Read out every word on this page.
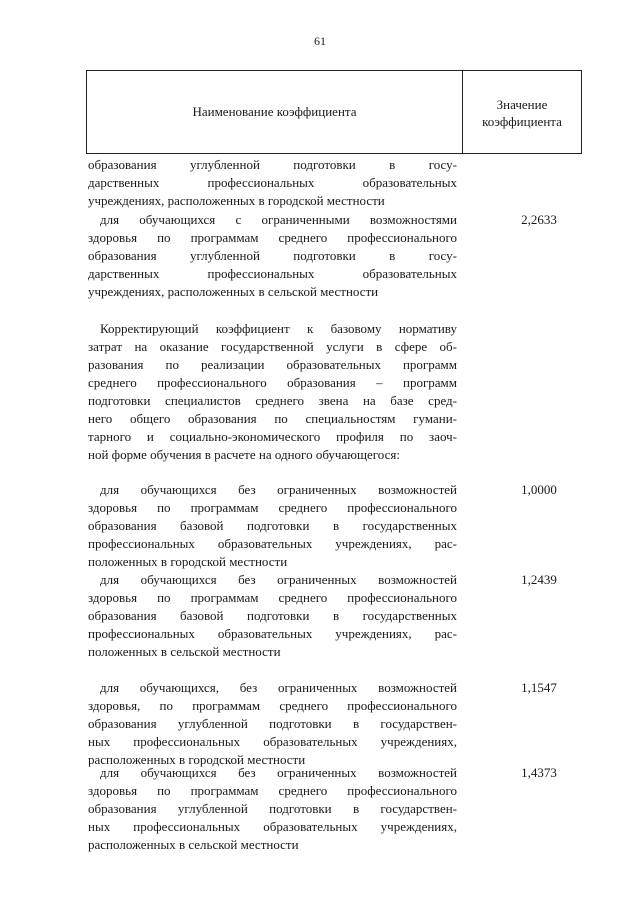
61
Наименование коэффициента	Значение
коэффициента

образования углубленной подготовки в госу-

дарственных профессиональных образовательных

учреждениях, расположенных в городской местности

для обучающихся с ограниченными возможностями

здоровья по программам среднего профессионального

образования углубленной подготовки в госу-

дарственных профессиональных образовательных

учреждениях, расположенных в сельской местности

2,2633

Корректирующий коэффициент к базовому нормативу

затрат на оказание государственной услуги в сфере об-

разования по реализации образовательных программ

среднего профессионального образования – программ

подготовки специалистов среднего звена на базе сред-

него общего образования по специальностям гумани-

тарного и социально-экономического профиля по заоч-

ной форме обучения в расчете на одного обучающегося:

для обучающихся без ограниченных возможностей

здоровья по программам среднего профессионального

образования базовой подготовки в государственных

профессиональных образовательных учреждениях, рас-

положенных в городской местности

1,0000

для обучающихся без ограниченных возможностей

здоровья по программам среднего профессионального

образования базовой подготовки в государственных

профессиональных образовательных учреждениях, рас-

положенных в сельской местности

1,2439

для обучающихся, без ограниченных возможностей

здоровья, по программам среднего профессионального

образования углубленной подготовки в государствен-

ных профессиональных образовательных учреждениях,

расположенных в городской местности

1,1547

для обучающихся без ограниченных возможностей

здоровья по программам среднего профессионального

образования углубленной подготовки в государствен-

ных профессиональных образовательных учреждениях,

расположенных в сельской местности

1,4373
